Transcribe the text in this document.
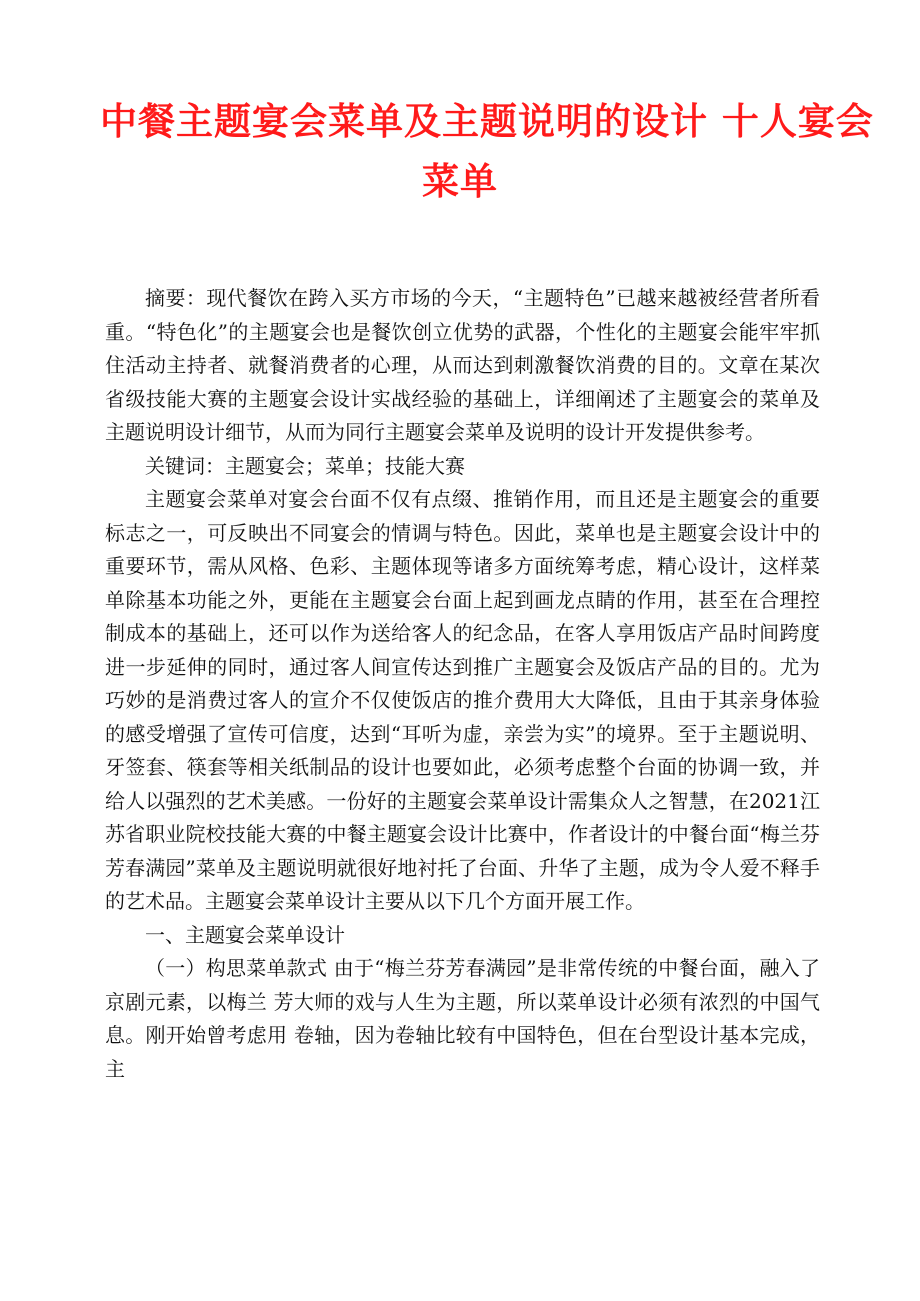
中餐主题宴会菜单及主题说明的设计 十人宴会
菜单

摘要：现代餐饮在跨入买方市场的今天，“主题特色”已越来越被经营者所看重。“特色化”的主题宴会也是餐饮创立优势的武器，个性化的主题宴会能牢牢抓住活动主持者、就餐消费者的心理，从而达到刺激餐饮消费的目的。文章在某次省级技能大赛的主题宴会设计实战经验的基础上，详细阐述了主题宴会的菜单及主题说明设计细节，从而为同行主题宴会菜单及说明的设计开发提供参考。

关键词：主题宴会；菜单；技能大赛

主题宴会菜单对宴会台面不仅有点缀、推销作用，而且还是主题宴会的重要标志之一，可反映出不同宴会的情调与特色。因此，菜单也是主题宴会设计中的重要环节，需从风格、色彩、主题体现等诸多方面统筹考虑，精心设计，这样菜单除基本功能之外，更能在主题宴会台面上起到画龙点睛的作用，甚至在合理控制成本的基础上，还可以作为送给客人的纪念品，在客人享用饭店产品时间跨度进一步延伸的同时，通过客人间宣传达到推广主题宴会及饭店产品的目的。尤为巧妙的是消费过客人的宣介不仅使饭店的推介费用大大降低，且由于其亲身体验的感受增强了宣传可信度，达到“耳听为虚，亲尝为实”的境界。至于主题说明、牙签套、筷套等相关纸制品的设计也要如此，必须考虑整个台面的协调一致，并给人以强烈的艺术美感。一份好的主题宴会菜单设计需集众人之智慧，在2021江苏省职业院校技能大赛的中餐主题宴会设计比赛中，作者设计的中餐台面“梅兰芬芳春满园”菜单及主题说明就很好地衬托了台面、升华了主题，成为令人爱不释手的艺术品。主题宴会菜单设计主要从以下几个方面开展工作。

一、主题宴会菜单设计

（一）构思菜单款式 由于“梅兰芬芳春满园”是非常传统的中餐台面，融入了京剧元素，以梅兰 芳大师的戏与人生为主题，所以菜单设计必须有浓烈的中国气息。刚开始曾考虑用 卷轴，因为卷轴比较有中国特色，但在台型设计基本完成，主
